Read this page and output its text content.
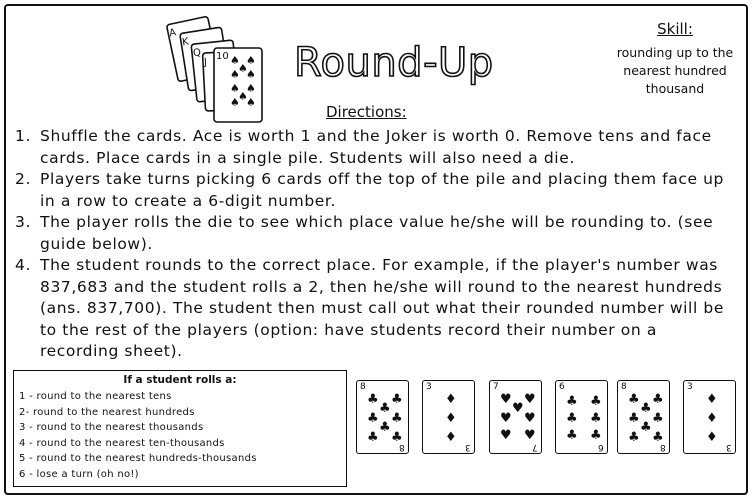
A
K
Q
J
10 ♠ ♠
♠ ♠
♠
♠ ♠
♠ ♠
♠
Round-Up
Directions:
Skill:
rounding up to the nearest hundred thousand
1. Shuffle the cards. Ace is worth 1 and the Joker is worth 0. Remove tens and face cards. Place cards in a single pile. Students will also need a die.
2. Players take turns picking 6 cards off the top of the pile and placing them face up in a row to create a 6-digit number.
3. The player rolls the die to see which place value he/she will be rounding to. (see guide below).
4. The student rounds to the correct place. For example, if the player's number was 837,683 and the student rolls a 2, then he/she will round to the nearest hundreds (ans. 837,700). The student then must call out what their rounded number will be to the rest of the players (option: have students record their number on a recording sheet).
If a student rolls a:
1 - round to the nearest tens
2- round to the nearest hundreds
3 - round to the nearest thousands
4 - round to the nearest ten-thousands
5 - round to the nearest hundreds-thousands
6 - lose a turn (oh no!)
8
♣ ♣
♣
♣ ♣
♣
♣ ♣
8
3
♦
♦
♦
3
7
♥ ♥
♥
♥ ♥
♥ ♥
7
6
♣ ♣
♣ ♣
♣ ♣
6
8
♣ ♣
♣
♣ ♣
♣
♣ ♣
8
3
♦
♦
♦
3
